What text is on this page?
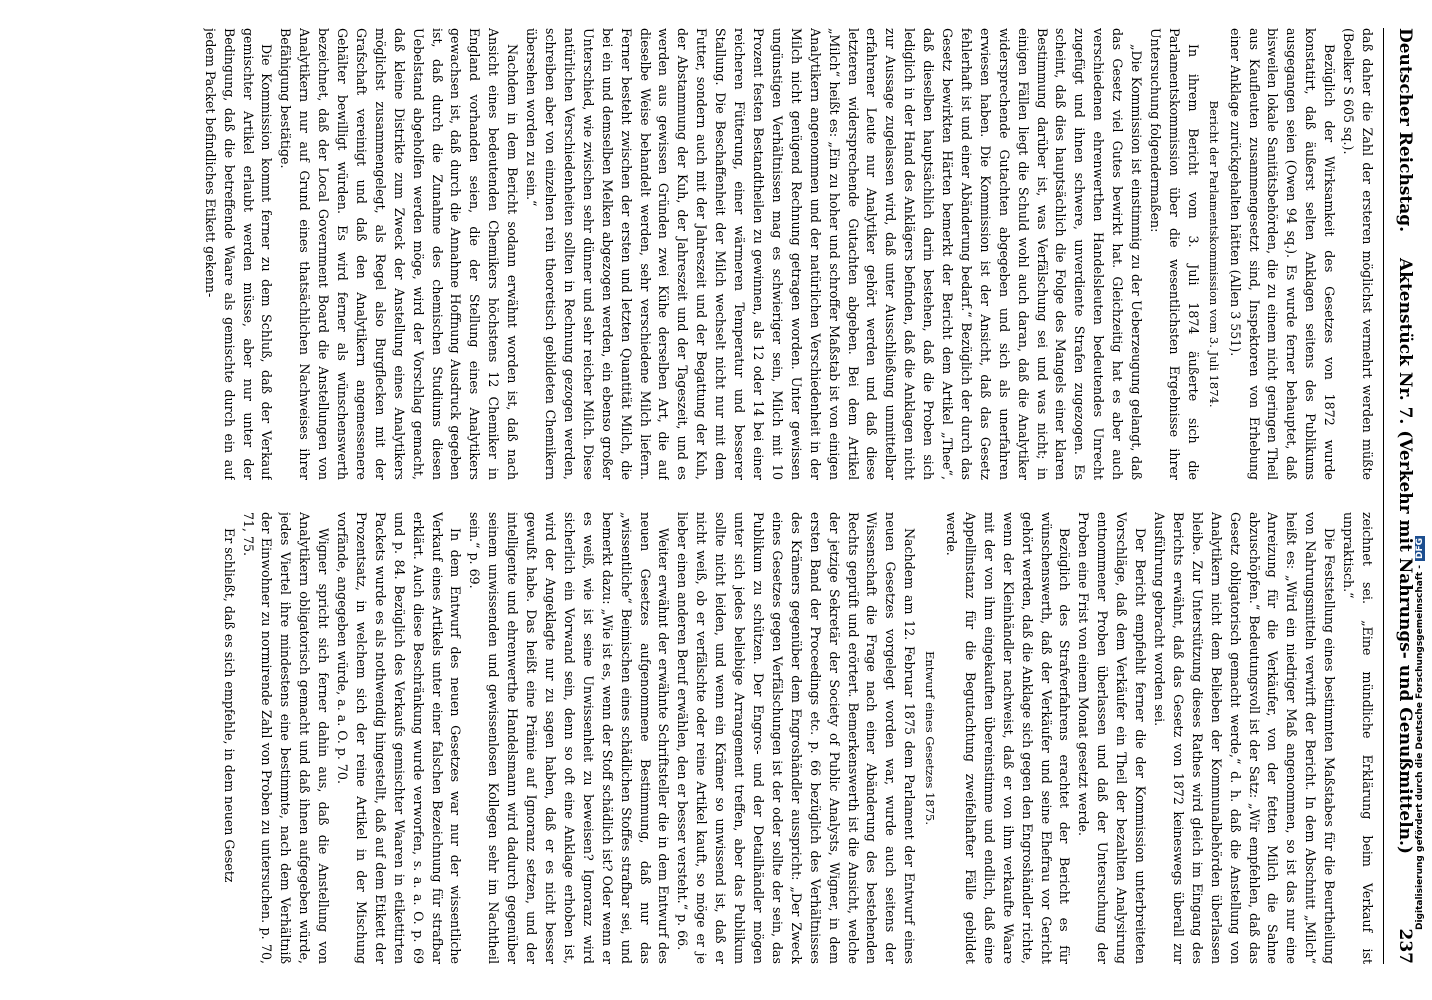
Deutscher Reichstag.
Aktenstück Nr. 7. (Verkehr mit Nahrungs- und Genußmitteln.)
237

daß daher die Zahl der ersteren möglichst vermehrt werden müßte (Boelker S 605 sq.).

Bezüglich der Wirksamkeit des Gesetzes von 1872 wurde konstatirt, daß äußerst selten Anklagen seitens des Publikums ausgegangen seien (Owen 94 sq.). Es wurde ferner behauptet, daß bisweilen lokale Sanitätsbehörden, die zu einem nicht geringen Theil aus Kaufleuten zusammengesetzt sind, Inspektoren von Erhebung einer Anklage zurückgehalten hätten (Allen 3 551).

Bericht der Parlamentskommission vom 3. Juli 1874.

In ihrem Bericht vom 3. Juli 1874 äußerte sich die Parlamentskommission über die wesentlichsten Ergebnisse ihrer Untersuchung folgendermaßen:

„Die Kommission ist einstimmig zu der Ueberzeugung gelangt, daß das Gesetz viel Gutes bewirkt hat. Gleichzeitig hat es aber auch verschiedenen ehrenwerthen Handelsleuten bedeutendes Unrecht zugefügt und ihnen schwere, unverdiente Strafen zugezogen. Es scheint, daß dies hauptsächlich die Folge des Mangels einer klaren Bestimmung darüber ist, was Verfälschung sei und was nicht; in einigen Fällen liegt die Schuld wohl auch daran, daß die Analytiker widersprechende Gutachten abgegeben und sich als unerfahren erwiesen haben. Die Kommission ist der Ansicht, daß das Gesetz fehlerhaft ist und einer Abänderung bedarf.“ Bezüglich der durch das Gesetz bewirkten Härten bemerkt der Bericht dem Artikel „Thee“, daß dieselben hauptsächlich darin bestehen, daß die Proben sich lediglich in der Hand des Anklägers befinden, daß die Anklagen nicht zur Aussage zugelassen wird, daß unter Ausschließung unmittelbar erfahrener Leute nur Analytiker gehört werden und daß diese letzteren widersprechende Gutachten abgeben. Bei dem Artikel „Milch“ heißt es: „Ein zu hoher und schroffer Maßstab ist von einigen Analytikern angenommen und der natürlichen Verschiedenheit in der Milch nicht genügend Rechnung getragen worden. Unter gewissen ungünstigen Verhältnissen mag es schwieriger sein, Milch mit 10 Prozent festen Bestandtheilen zu gewinnen, als 12 oder 14 bei einer reicheren Fütterung, einer wärmeren Temperatur und besserer Stallung. Die Beschaffenheit der Milch wechselt nicht nur mit dem Futter, sondern auch mit der Jahreszeit und der Begattung der Kuh, der Abstammung der Kuh, der Jahreszeit und der Tageszeit, und es werden aus gewissen Gründen zwei Kühe derselben Art, die auf dieselbe Weise behandelt werden, sehr verschiedene Milch liefern. Ferner besteht zwischen der ersten und letzten Quantität Milch, die bei ein und demselben Melken abgezogen werden, ein ebenso großer Unterschied, wie zwischen sehr dünner und sehr reicher Milch. Diese natürlichen Verschiedenheiten sollten in Rechnung gezogen werden, schreiben aber von einzelnen rein theoretisch gebildeten Chemikern übersehen worden zu sein.“

Nachdem in dem Bericht sodann erwähnt worden ist, daß nach Ansicht eines bedeutenden Chemikers höchstens 12 Chemiker in England vorhanden seien, die der Stellung eines Analytikers gewachsen ist, daß durch die Annahme Hoffnung Ausdruck gegeben ist, daß durch die Zunahme des chemischen Studiums diesen Uebelstand abgeholfen werden möge, wird der Vorschlag gemacht, daß kleine Distrikte zum Zweck der Anstellung eines Analytikers möglichst zusammengelegt, als Regel also Burgflecken mit der Grafschaft vereinigt und daß den Analytikern angemessenere Gehälter bewilligt würden. Es wird ferner als wünschenswerth bezeichnet, daß der Local Government Board die Anstellungen von Analytikern nur auf Grund eines thatsächlichen Nachweises ihrer Befähigung bestätige.

Die Kommission kommt ferner zu dem Schluß, daß der Verkauf gemischter Artikel erlaubt werden müsse, aber nur unter der Bedingung, daß die betreffende Waare als gemischte durch ein auf jedem Packet befindliches Etikett gekenn-

zeichnet sei. „Eine mündliche Erklärung beim Verkauf ist unpraktisch.“

Die Feststellung eines bestimmten Maßstabes für die Beurtheilung von Nahrungsmitteln verwirft der Bericht. In dem Abschnitt „Milch“ heißt es: „Wird ein niedriger Maß angenommen, so ist das nur eine Anreizung für die Verkäufer, von der fetten Milch die Sahne abzuschöpfen.“ Bedeutungsvoll ist der Satz: „Wir empfehlen, daß das Gesetz obligatorisch gemacht werde,“ d. h. daß die Anstellung von Analytikern nicht dem Belieben der Kommunalbehörden überlassen bleibe. Zur Unterstützung dieses Rathes wird gleich im Eingang des Berichts erwähnt, daß das Gesetz von 1872 keineswegs überall zur Ausführung gebracht worden sei.

Der Bericht empfiehlt ferner die der Kommission unterbreiteten Vorschläge, daß dem Verkäufer ein Theil der bezahlten Analysirung entnommener Proben überlassen und daß der Untersuchung der Proben eine Frist von einem Monat gesetzt werde.

Bezüglich des Strafverfahrens erachtet der Bericht es für wünschenswerth, daß der Verkäufer und seine Ehefrau vor Gericht gehört werden, daß die Anklage sich gegen den Engroshändler richte, wenn der Kleinhändler nachweist, daß er von ihm verkaufte Waare mit der von ihm eingekauften übereinstimme und endlich, daß eine Appellinstanz für die Begutachtung zweifelhafter Fälle gebildet werde.

Entwurf eines Gesetzes 1875.

Nachdem am 12. Februar 1875 dem Parlament der Entwurf eines neuen Gesetzes vorgelegt worden war, wurde auch seitens der Wissenschaft die Frage nach einer Abänderung des bestehenden Rechts geprüft und erörtert. Bemerkenswerth ist die Ansicht, welche der jetzige Sekretär der Society of Public Analysts, Wigner, in dem ersten Band der Proceedings etc. p. 66 bezüglich des Verhältnisses des Krämers gegenüber dem Engroshändler ausspricht: „Der Zweck eines Gesetzes gegen Verfälschungen ist der oder sollte der sein, das Publikum zu schützen. Der Engros- und der Detailhändler mögen unter sich jedes beliebige Arrangement treffen, aber das Publikum sollte nicht leiden, und wenn ein Krämer so unwissend ist, daß er nicht weiß, ob er verfälschte oder reine Artikel kauft, so möge er je lieber einen anderen Beruf erwählen, den er besser versteht.“ p. 66.

Weiter erwähnt der erwähnte Schriftsteller die in dem Entwurf des neuen Gesetzes aufgenommene Bestimmung, daß nur das „wissentliche“ Beimischen eines schädlichen Stoffes strafbar sei, und bemerkt dazu: „Wie ist es, wenn der Stoff schädlich ist? Oder wenn er es weiß, wie ist seine Unwissenheit zu beweisen? Ignoranz wird sicherlich ein Vorwand sein, denn so oft eine Anklage erhoben ist, wird der Angeklagte nur zu sagen haben, daß er es nicht besser gewußt habe. Das heißt eine Prämie auf Ignoranz setzen, und der intelligente und ehrenwerthe Handelsmann wird dadurch gegenüber seinem unwissenden und gewissenlosen Kollegen sehr im Nachtheil sein.“ p. 69.

In dem Entwurf des neuen Gesetzes war nur der wissentliche Verkauf eines Artikels unter einer falschen Bezeichnung für strafbar erklärt. Auch diese Beschränkung wurde verworfen, s. a. a. O. p. 69 und p. 84. Bezüglich des Verkaufs gemischter Waaren in etikettirten Packets wurde es als nothwendig hingestellt, daß auf dem Etikett der Prozentsatz, in welchem sich der reine Artikel in der Mischung vorfände, angegeben würde, a. a. O. p. 70.

Wigner spricht sich ferner dahin aus, daß die Anstellung von Analytikern obligatorisch gemacht und daß ihnen aufgegeben würde, jedes Viertel ihre mindestens eine bestimmte, nach dem Verhältniß der Einwohner zu normirende Zahl von Proben zu untersuchen. p. 70, 71, 75.

Er schließt, daß es sich empfehle, in dem neuen Gesetz	Digitalisierung gefördert durch die Deutsche Forschungsgemeinschaft -
DFG
